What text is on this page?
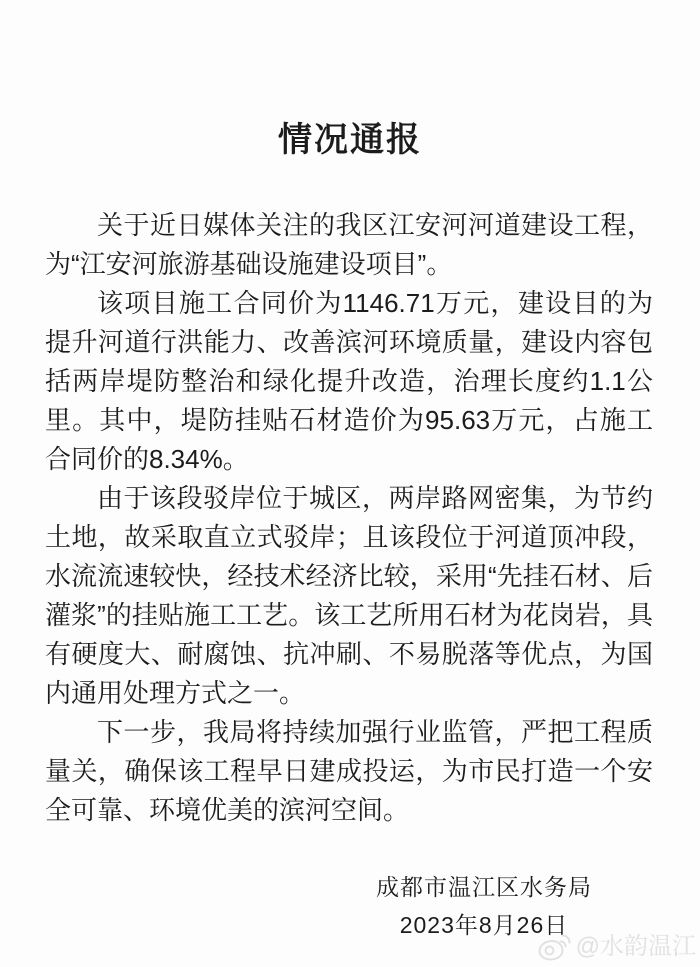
情况通报

关于近日媒体关注的我区江安河河道建设工程，为“江安河旅游基础设施建设项目”。

该项目施工合同价为1146.71万元，建设目的为提升河道行洪能力、改善滨河环境质量，建设内容包括两岸堤防整治和绿化提升改造，治理长度约1.1公里。其中，堤防挂贴石材造价为95.63万元，占施工合同价的8.34%。

由于该段驳岸位于城区，两岸路网密集，为节约土地，故采取直立式驳岸；且该段位于河道顶冲段，水流流速较快，经技术经济比较，采用“先挂石材、后灌浆”的挂贴施工工艺。该工艺所用石材为花岗岩，具有硬度大、耐腐蚀、抗冲刷、不易脱落等优点，为国内通用处理方式之一。

下一步，我局将持续加强行业监管，严把工程质量关，确保该工程早日建成投运，为市民打造一个安全可靠、环境优美的滨河空间。

成都市温江区水务局
2023年8月26日
@水韵温江
